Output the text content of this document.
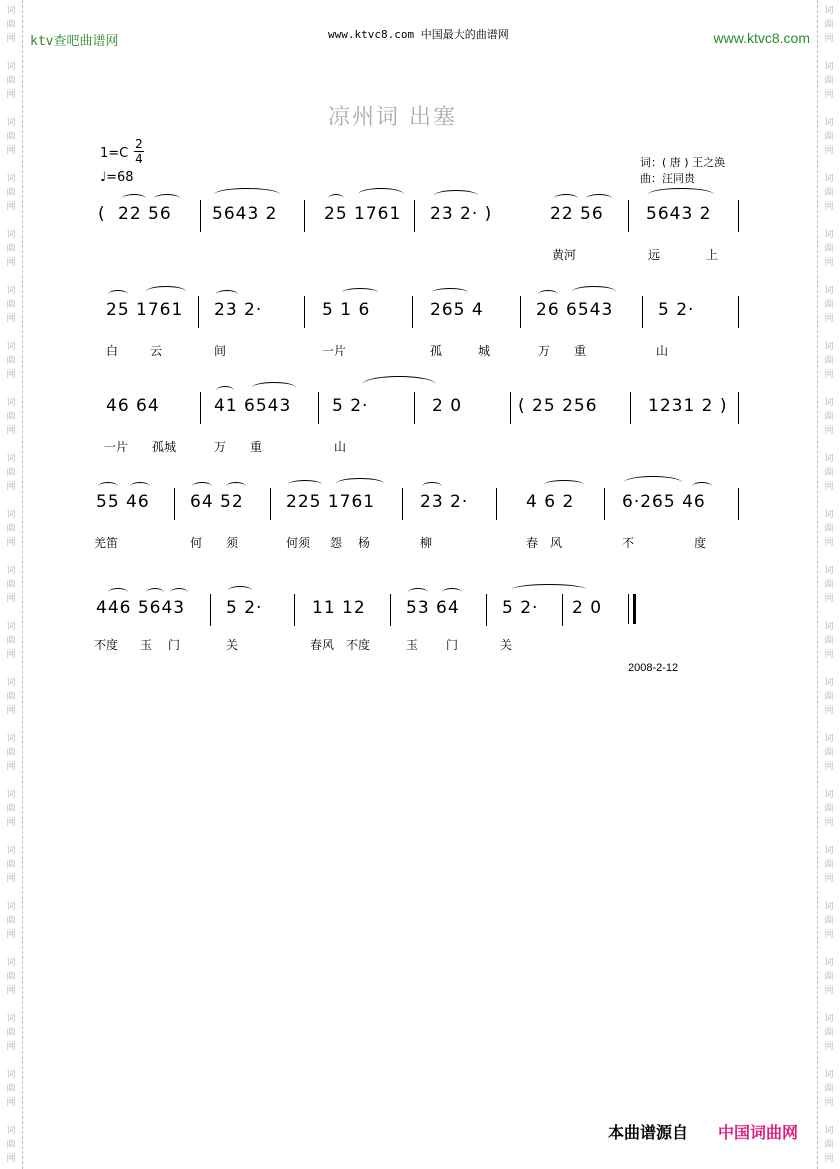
词
曲
网
词
曲
网
词
曲
网
词
曲
网
词
曲
网
词
曲
网
词
曲
网
词
曲
网
词
曲
网
词
曲
网
词
曲
网
词
曲
网
词
曲
网
词
曲
网
词
曲
网
词
曲
网
词
曲
网
词
曲
网
词
曲
网
词
曲
网
词
曲
网
词
曲
网
词
曲
网
词
曲
网
词
曲
网
词
曲
网
词
曲
网
词
曲
网
词
曲
网
词
曲
网
词
曲
网
词
曲
网
词
曲
网
词
曲
网
词
曲
网
词
曲
网
词
曲
网
词
曲
网
词
曲
网
词
曲
网
词
曲
网
词
曲
网
ktv查吧曲谱网	www.ktvc8.com 中国最大的曲谱网	www.ktvc8.com
凉州词 出塞
1=C
2
4
♩=68
词：( 唐 ) 王之涣
曲：汪同贵
( 22 56 5643 2	25 1761 23 2· )	22 56 5643 2
黄河	远	上
25 1761 23 2·	5 1 6	265 4	26 6543	5 2·
白	云	间	一片	孤	城	万 重	山
46 64	41 6543 5 2·	2 0	( 25 256	1231 2 )
一片 孤城	万 重	山
55 46 64 52 225 1761	23 2·	4 6 2	6·265 46
羌笛	何 须	何须 怨 杨	柳	春 风	不	度
446 5643 5 2·	11 12 53 64 5 2· 2 0
不度 玉 门	关	春风 不度	玉 门	关
2008-2-12
本曲谱源自 中国词曲网
